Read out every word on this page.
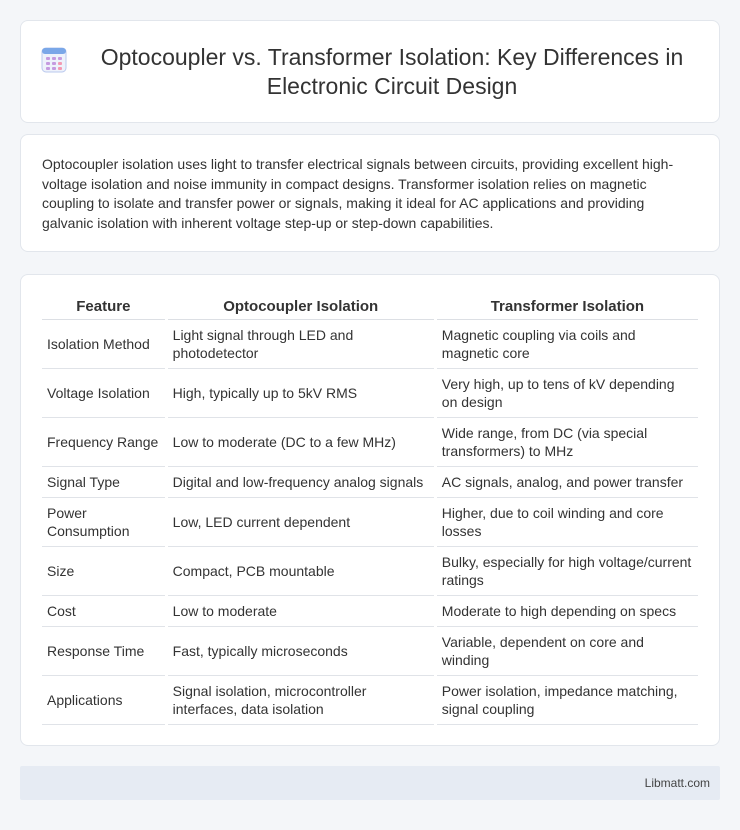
Optocoupler vs. Transformer Isolation: Key Differences in Electronic Circuit Design

Optocoupler isolation uses light to transfer electrical signals between circuits, providing excellent high-voltage isolation and noise immunity in compact designs. Transformer isolation relies on magnetic coupling to isolate and transfer power or signals, making it ideal for AC applications and providing galvanic isolation with inherent voltage step-up or step-down capabilities.

Feature	Optocoupler Isolation	Transformer Isolation
Isolation Method	Light signal through LED and photodetector	Magnetic coupling via coils and magnetic core
Voltage Isolation	High, typically up to 5kV RMS	Very high, up to tens of kV depending on design
Frequency Range	Low to moderate (DC to a few MHz)	Wide range, from DC (via special transformers) to MHz
Signal Type	Digital and low-frequency analog signals	AC signals, analog, and power transfer
Power Consumption	Low, LED current dependent	Higher, due to coil winding and core losses
Size	Compact, PCB mountable	Bulky, especially for high voltage/current ratings
Cost	Low to moderate	Moderate to high depending on specs
Response Time	Fast, typically microseconds	Variable, dependent on core and winding
Applications	Signal isolation, microcontroller interfaces, data isolation	Power isolation, impedance matching, signal coupling
Libmatt.com
